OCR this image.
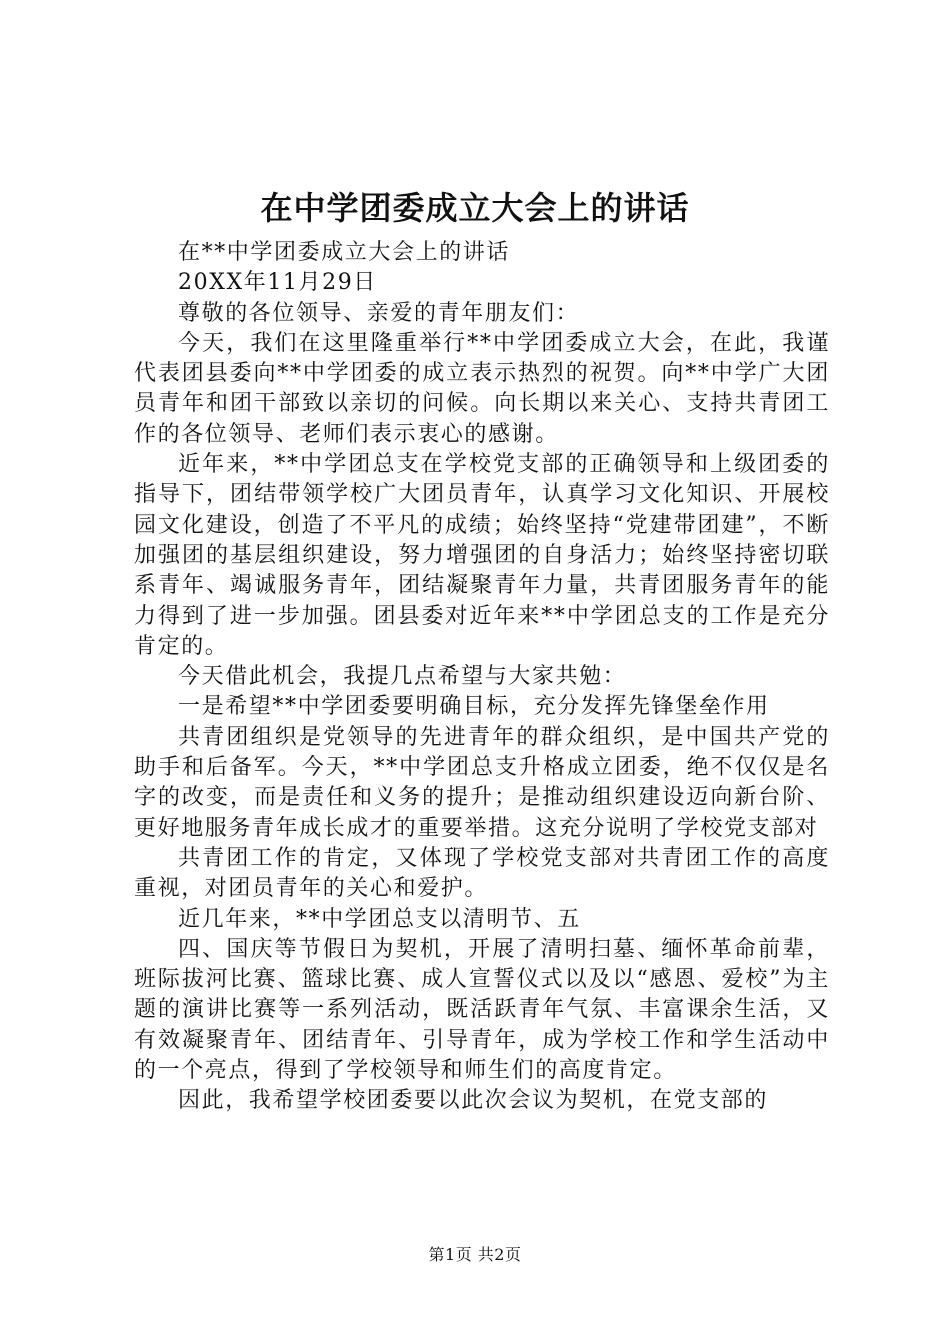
在中学团委成立大会上的讲话

在**中学团委成立大会上的讲话

20XX年11月29日

尊敬的各位领导、亲爱的青年朋友们：

今天，我们在这里隆重举行**中学团委成立大会，在此，我谨代表团县委向**中学团委的成立表示热烈的祝贺。向**中学广大团员青年和团干部致以亲切的问候。向长期以来关心、支持共青团工作的各位领导、老师们表示衷心的感谢。

近年来，**中学团总支在学校党支部的正确领导和上级团委的指导下，团结带领学校广大团员青年，认真学习文化知识、开展校园文化建设，创造了不平凡的成绩；始终坚持“党建带团建”，不断加强团的基层组织建设，努力增强团的自身活力；始终坚持密切联系青年、竭诚服务青年，团结凝聚青年力量，共青团服务青年的能力得到了进一步加强。团县委对近年来**中学团总支的工作是充分肯定的。

今天借此机会，我提几点希望与大家共勉：

一是希望**中学团委要明确目标，充分发挥先锋堡垒作用

共青团组织是党领导的先进青年的群众组织，是中国共产党的助手和后备军。今天，**中学团总支升格成立团委，绝不仅仅是名字的改变，而是责任和义务的提升；是推动组织建设迈向新台阶、更好地服务青年成长成才的重要举措。这充分说明了学校党支部对

共青团工作的肯定，又体现了学校党支部对共青团工作的高度重视，对团员青年的关心和爱护。

近几年来，**中学团总支以清明节、五

四、国庆等节假日为契机，开展了清明扫墓、缅怀革命前辈，班际拔河比赛、篮球比赛、成人宣誓仪式以及以“感恩、爱校”为主题的演讲比赛等一系列活动，既活跃青年气氛、丰富课余生活，又有效凝聚青年、团结青年、引导青年，成为学校工作和学生活动中的一个亮点，得到了学校领导和师生们的高度肯定。

因此，我希望学校团委要以此次会议为契机，在党支部的

第1页 共2页
